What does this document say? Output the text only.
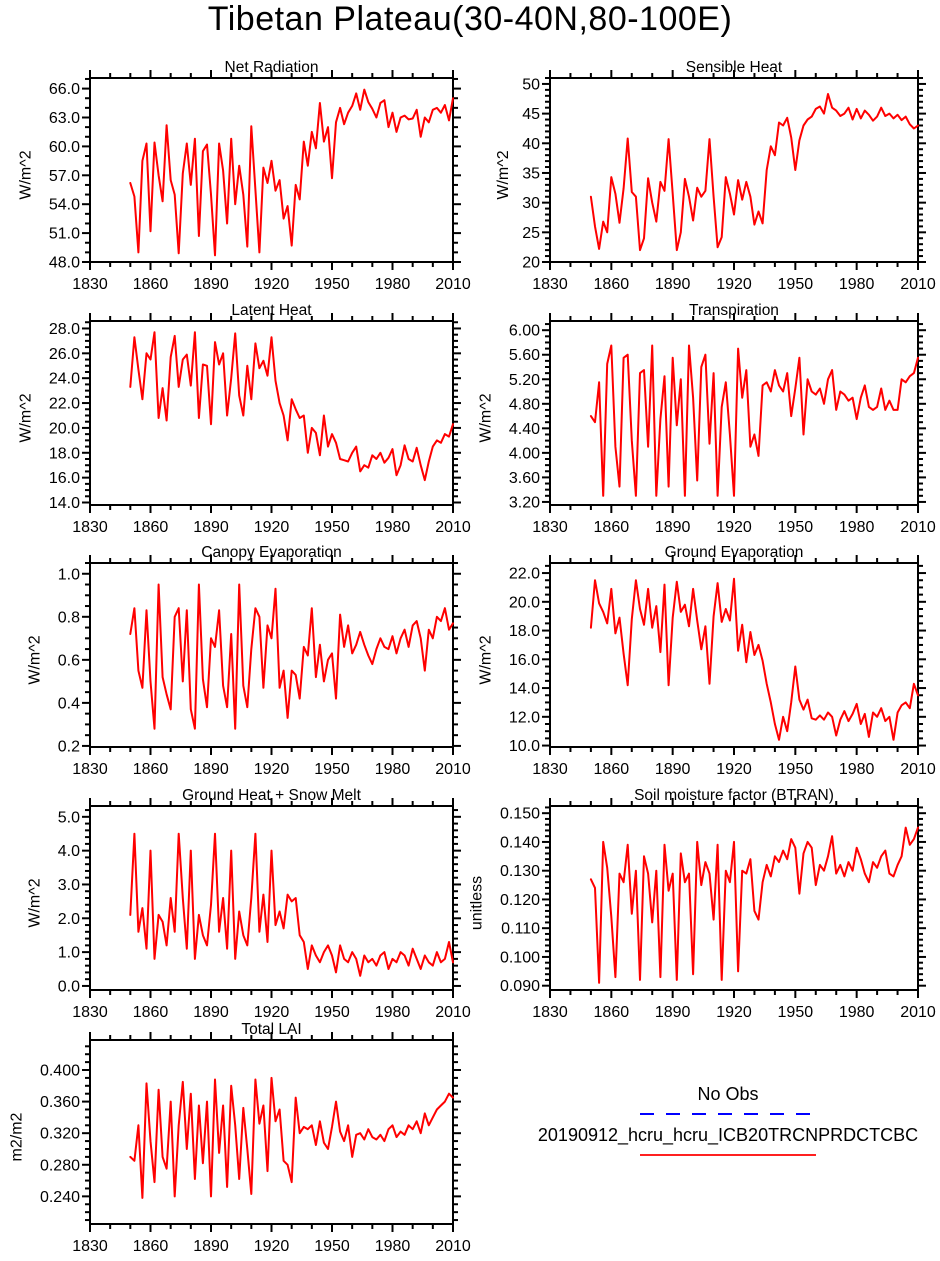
Tibetan Plateau(30-40N,80-100E)
Net Radiation
W/m^2
1830 1860 1890 1920 1950 1980 2010
48.0
51.0
54.0
57.0
60.0
63.0
66.0
Sensible Heat
W/m^2
1830 1860 1890 1920 1950 1980 2010
20
25
30
35
40
45
50
Latent Heat
W/m^2
1830 1860 1890 1920 1950 1980 2010
14.0
16.0
18.0
20.0
22.0
24.0
26.0
28.0
Transpiration
W/m^2
1830 1860 1890 1920 1950 1980 2010
3.20
3.60
4.00
4.40
4.80
5.20
5.60
6.00
Canopy Evaporation
W/m^2
1830 1860 1890 1920 1950 1980 2010
0.2
0.4
0.6
0.8
1.0
Ground Evaporation
W/m^2
1830 1860 1890 1920 1950 1980 2010
10.0
12.0
14.0
16.0
18.0
20.0
22.0
Ground Heat + Snow Melt
W/m^2
1830 1860 1890 1920 1950 1980 2010
0.0
1.0
2.0
3.0
4.0
5.0
Soil moisture factor (BTRAN)
unitless
1830 1860 1890 1920 1950 1980 2010
0.090
0.100
0.110
0.120
0.130
0.140
0.150
Total LAI
m2/m2
1830 1860 1890 1920 1950 1980 2010
0.240
0.280
0.320
0.360
0.400
No Obs
20190912_hcru_hcru_ICB20TRCNPRDCTCBC
